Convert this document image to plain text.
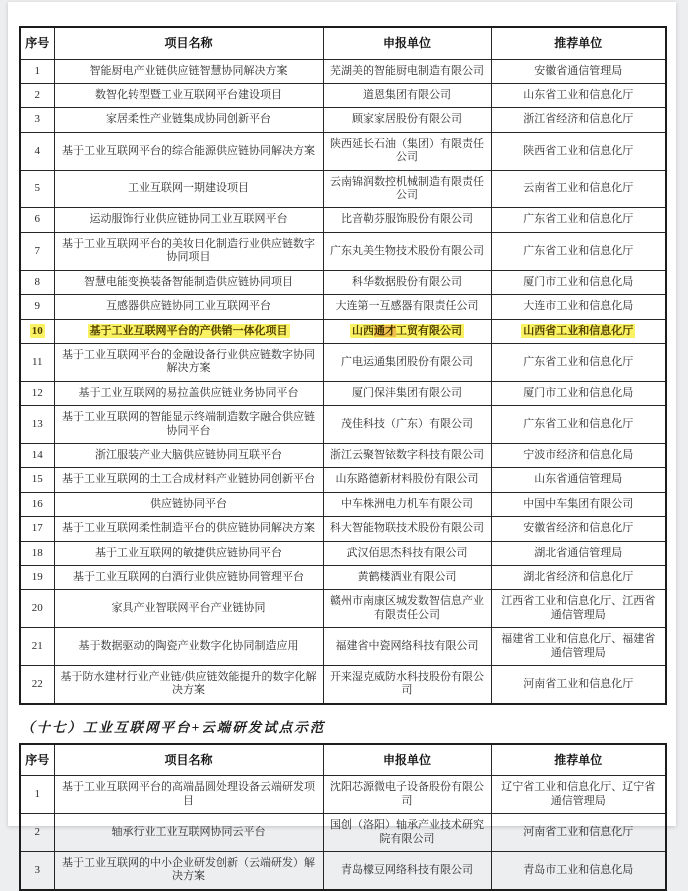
序号	项目名称	申报单位	推荐单位
1	智能厨电产业链供应链智慧协同解决方案	芜湖美的智能厨电制造有限公司	安徽省通信管理局
2	数智化转型暨工业互联网平台建设项目	道恩集团有限公司	山东省工业和信息化厅
3	家居柔性产业链集成协同创新平台	顾家家居股份有限公司	浙江省经济和信息化厅
4	基于工业互联网平台的综合能源供应链协同解决方案	陕西延长石油（集团）有限责任公司	陕西省工业和信息化厅
5	工业互联网一期建设项目	云南锦润数控机械制造有限责任公司	云南省工业和信息化厅
6	运动服饰行业供应链协同工业互联网平台	比音勒芬服饰股份有限公司	广东省工业和信息化厅
7	基于工业互联网平台的美妆日化制造行业供应链数字协同项目	广东丸美生物技术股份有限公司	广东省工业和信息化厅
8	智慧电能变换装备智能制造供应链协同项目	科华数据股份有限公司	厦门市工业和信息化局
9	互感器供应链协同工业互联网平台	大连第一互感器有限责任公司	大连市工业和信息化局
10	基于工业互联网平台的产供销一体化项目	山西通才工贸有限公司	山西省工业和信息化厅
11	基于工业互联网平台的金融设备行业供应链数字协同解决方案	广电运通集团股份有限公司	广东省工业和信息化厅
12	基于工业互联网的易拉盖供应链业务协同平台	厦门保沣集团有限公司	厦门市工业和信息化局
13	基于工业互联网的智能显示终端制造数字融合供应链协同平台	茂佳科技（广东）有限公司	广东省工业和信息化厅
14	浙江服装产业大脑供应链协同互联平台	浙江云聚智铱数字科技有限公司	宁波市经济和信息化局
15	基于工业互联网的土工合成材料产业链协同创新平台	山东路德新材料股份有限公司	山东省通信管理局
16	供应链协同平台	中车株洲电力机车有限公司	中国中车集团有限公司
17	基于工业互联网柔性制造平台的供应链协同解决方案	科大智能物联技术股份有限公司	安徽省经济和信息化厅
18	基于工业互联网的敏捷供应链协同平台	武汉佰思杰科技有限公司	湖北省通信管理局
19	基于工业互联网的白酒行业供应链协同管理平台	黄鹤楼酒业有限公司	湖北省经济和信息化厅
20	家具产业智联网平台产业链协同	赣州市南康区城发数智信息产业有限责任公司	江西省工业和信息化厅、江西省通信管理局
21	基于数据驱动的陶瓷产业数字化协同制造应用	福建省中瓷网络科技有限公司	福建省工业和信息化厅、福建省通信管理局
22	基于防水建材行业产业链/供应链效能提升的数字化解决方案	开来湿克威防水科技股份有限公司	河南省工业和信息化厅
（十七）工业互联网平台+云端研发试点示范
序号	项目名称	申报单位	推荐单位
1	基于工业互联网平台的高端晶圆处理设备云端研发项目	沈阳芯源微电子设备股份有限公司	辽宁省工业和信息化厅、辽宁省通信管理局
2	轴承行业工业互联网协同云平台	国创（洛阳）轴承产业技术研究院有限公司	河南省工业和信息化厅
3	基于工业互联网的中小企业研发创新（云端研发）解决方案	青岛檬豆网络科技有限公司	青岛市工业和信息化局
